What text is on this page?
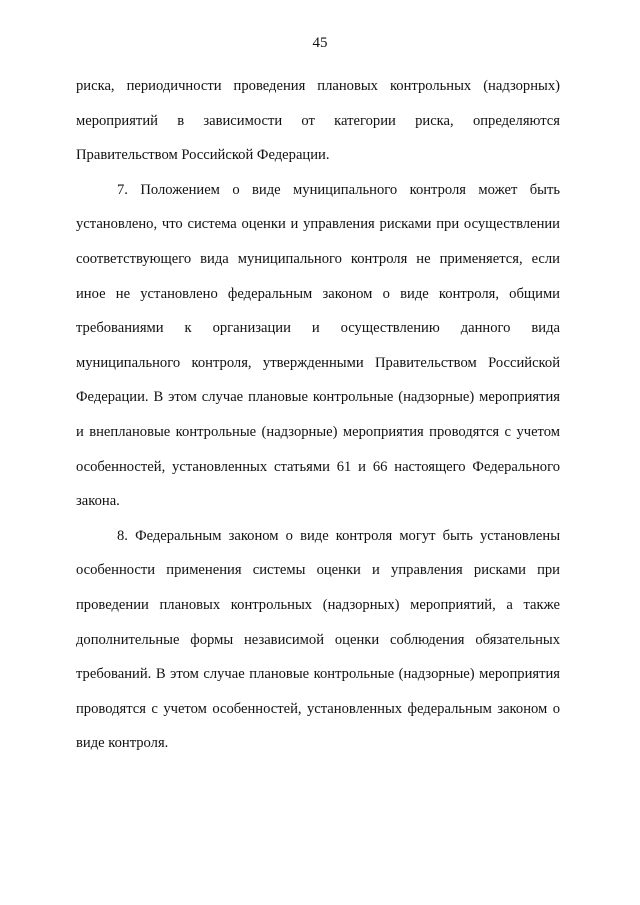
45

риска, периодичности проведения плановых контрольных (надзорных) мероприятий в зависимости от категории риска, определяются Правительством Российской Федерации.

7. Положением о виде муниципального контроля может быть установлено, что система оценки и управления рисками при осуществлении соответствующего вида муниципального контроля не применяется, если иное не установлено федеральным законом о виде контроля, общими требованиями к организации и осуществлению данного вида муниципального контроля, утвержденными Правительством Российской Федерации. В этом случае плановые контрольные (надзорные) мероприятия и внеплановые контрольные (надзорные) мероприятия проводятся с учетом особенностей, установленных статьями 61 и 66 настоящего Федерального закона.

8. Федеральным законом о виде контроля могут быть установлены особенности применения системы оценки и управления рисками при проведении плановых контрольных (надзорных) мероприятий, а также дополнительные формы независимой оценки соблюдения обязательных требований. В этом случае плановые контрольные (надзорные) мероприятия проводятся с учетом особенностей, установленных федеральным законом о виде контроля.
